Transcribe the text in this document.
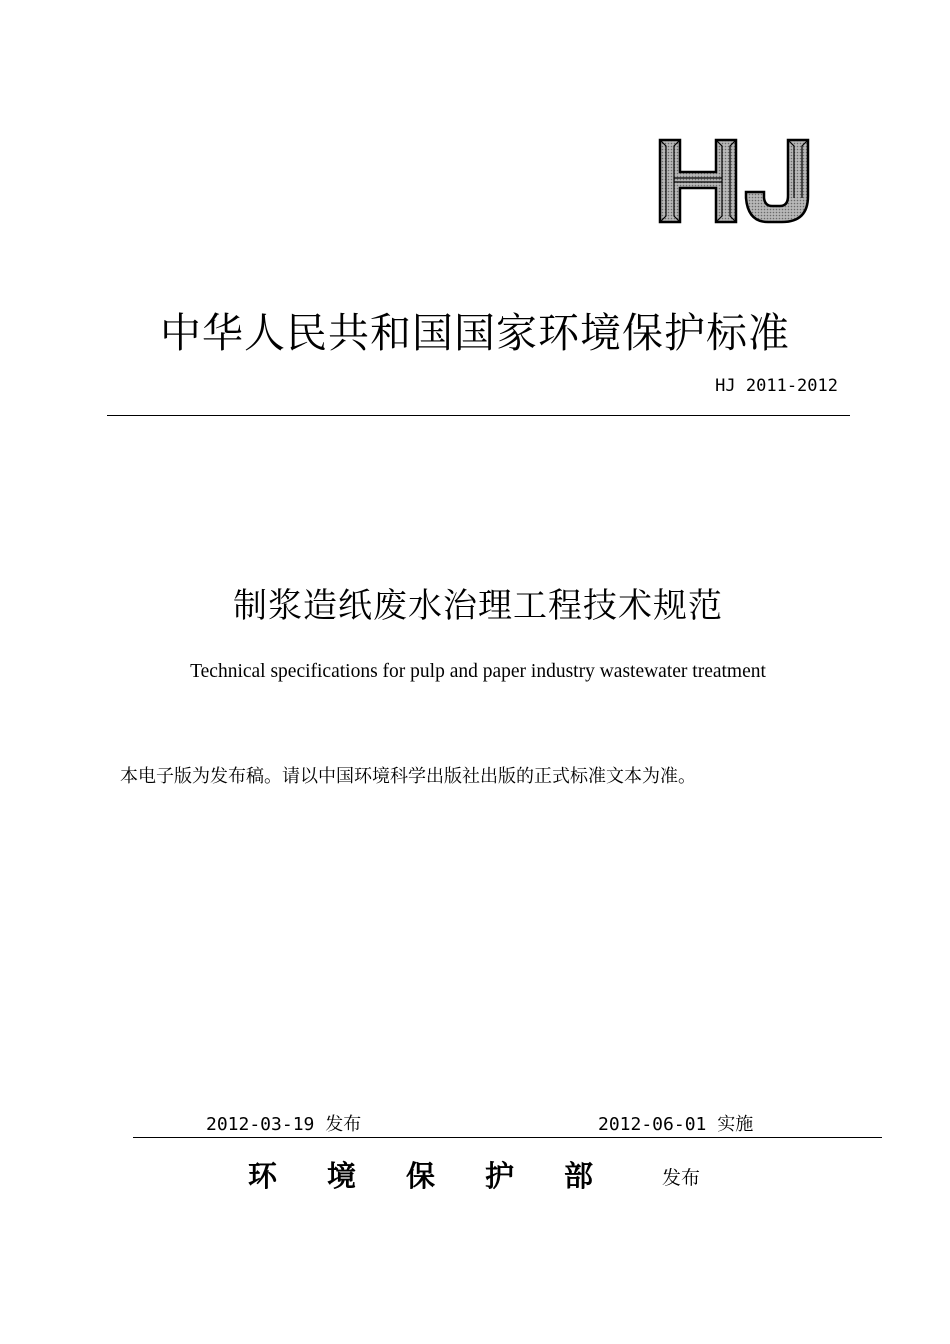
中华人民共和国国家环境保护标准
HJ 2011-2012
制浆造纸废水治理工程技术规范
Technical specifications for pulp and paper industry wastewater treatment
本电子版为发布稿。请以中国环境科学出版社出版的正式标准文本为准。
2012-03-19 发布	2012-06-01 实施
环境保护部 发布
